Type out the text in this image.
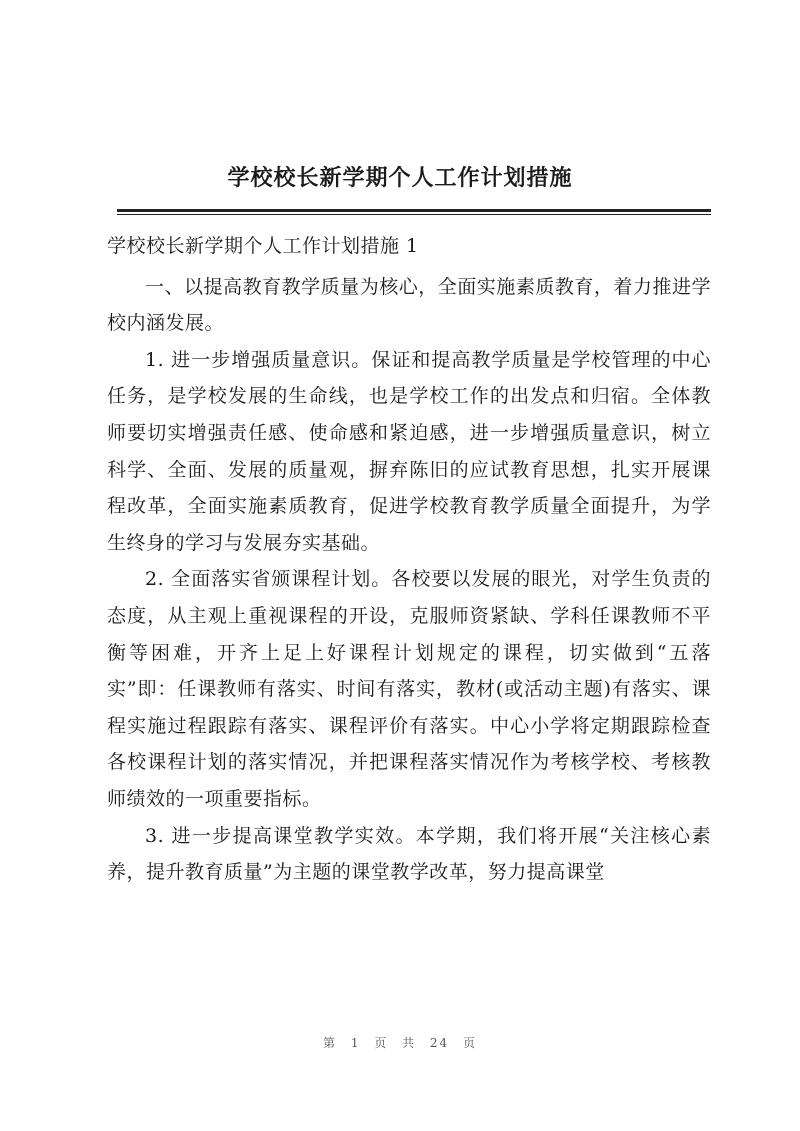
学校校长新学期个人工作计划措施

学校校长新学期个人工作计划措施 1

一、以提高教育教学质量为核心，全面实施素质教育，着力推进学校内涵发展。

1. 进一步增强质量意识。保证和提高教学质量是学校管理的中心任务，是学校发展的生命线，也是学校工作的出发点和归宿。全体教师要切实增强责任感、使命感和紧迫感，进一步增强质量意识，树立科学、全面、发展的质量观，摒弃陈旧的应试教育思想，扎实开展课程改革，全面实施素质教育，促进学校教育教学质量全面提升，为学生终身的学习与发展夯实基础。

2. 全面落实省颁课程计划。各校要以发展的眼光，对学生负责的态度，从主观上重视课程的开设，克服师资紧缺、学科任课教师不平衡等困难，开齐上足上好课程计划规定的课程，切实做到“五落实”即：任课教师有落实、时间有落实，教材(或活动主题)有落实、课程实施过程跟踪有落实、课程评价有落实。中心小学将定期跟踪检查各校课程计划的落实情况，并把课程落实情况作为考核学校、考核教师绩效的一项重要指标。

3. 进一步提高课堂教学实效。本学期，我们将开展“关注核心素养，提升教育质量”为主题的课堂教学改革，努力提高课堂

第 1 页 共 24 页
